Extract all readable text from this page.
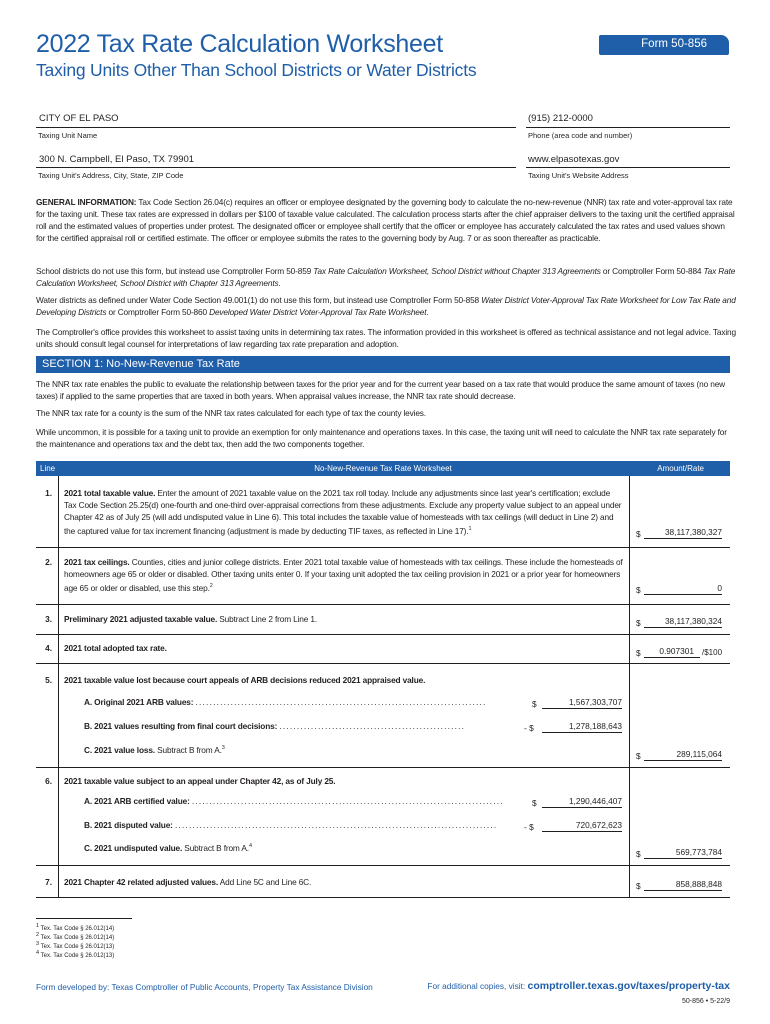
2022 Tax Rate Calculation Worksheet
Taxing Units Other Than School Districts or Water Districts
Form 50-856
CITY OF EL PASO
Taxing Unit Name
(915) 212-0000
Phone (area code and number)
300 N. Campbell, El Paso, TX 79901
Taxing Unit's Address, City, State, ZIP Code
www.elpasotexas.gov
Taxing Unit's Website Address

GENERAL INFORMATION: Tax Code Section 26.04(c) requires an officer or employee designated by the governing body to calculate the no-new-revenue (NNR) tax rate and voter-approval tax rate for the taxing unit. These tax rates are expressed in dollars per $100 of taxable value calculated. The calculation process starts after the chief appraiser delivers to the taxing unit the certified appraisal roll and the estimated values of properties under protest. The designated officer or employee shall certify that the officer or employee has accurately calculated the tax rates and used values shown for the certified appraisal roll or certified estimate. The officer or employee submits the rates to the governing body by Aug. 7 or as soon thereafter as practicable.

School districts do not use this form, but instead use Comptroller Form 50-859 Tax Rate Calculation Worksheet, School District without Chapter 313 Agreements or Comptroller Form 50-884 Tax Rate Calculation Worksheet, School District with Chapter 313 Agreements.

Water districts as defined under Water Code Section 49.001(1) do not use this form, but instead use Comptroller Form 50-858 Water District Voter-Approval Tax Rate Worksheet for Low Tax Rate and Developing Districts or Comptroller Form 50-860 Developed Water District Voter-Approval Tax Rate Worksheet.

The Comptroller's office provides this worksheet to assist taxing units in determining tax rates. The information provided in this worksheet is offered as technical assistance and not legal advice. Taxing units should consult legal counsel for interpretations of law regarding tax rate preparation and adoption.

SECTION 1: No-New-Revenue Tax Rate

The NNR tax rate enables the public to evaluate the relationship between taxes for the prior year and for the current year based on a tax rate that would produce the same amount of taxes (no new taxes) if applied to the same properties that are taxed in both years. When appraisal values increase, the NNR tax rate should decrease.

The NNR tax rate for a county is the sum of the NNR tax rates calculated for each type of tax the county levies.

While uncommon, it is possible for a taxing unit to provide an exemption for only maintenance and operations taxes. In this case, the taxing unit will need to calculate the NNR tax rate separately for the maintenance and operations tax and the debt tax, then add the two components together.

Line	No-New-Revenue Tax Rate Worksheet	Amount/Rate
1. 2021 total taxable value. Enter the amount of 2021 taxable value on the 2021 tax roll today. Include any adjustments since last year's certification; exclude Tax Code Section 25.25(d) one-fourth and one-third over-appraisal corrections from these adjustments. Exclude any property value subject to an appeal under Chapter 42 as of July 25 (will add undisputed value in Line 6). This total includes the taxable value of homesteads with tax ceilings (will deduct in Line 2) and the captured value for tax increment financing (adjustment is made by deducting TIF taxes, as reflected in Line 17).$^1$	$	38,117,380,327
2. 2021 tax ceilings. Counties, cities and junior college districts. Enter 2021 total taxable value of homesteads with tax ceilings. These include the homesteads of homeowners age 65 or older or disabled. Other taxing units enter 0. If your taxing unit adopted the tax ceiling provision in 2021 or a prior year for homeowners age 65 or older or disabled, use this step.$^2$	$	0
3. Preliminary 2021 adjusted taxable value. Subtract Line 2 from Line 1.	$	38,117,380,324
4. 2021 total adopted tax rate.	$ 0.907301 /$100
5. 2021 taxable value lost because court appeals of ARB decisions reduced 2021 appraised value.
A. Original 2021 ARB values: ...................................................................................	$	1,567,303,707
B. 2021 values resulting from final court decisions: .....................................................	- $	1,278,188,643
C. 2021 value loss. Subtract B from A.$^3$
$	289,115,064
6. 2021 taxable value subject to an appeal under Chapter 42, as of July 25.
A. 2021 ARB certified value: .........................................................................................	$	1,290,446,407
B. 2021 disputed value: ............................................................................................	- $	720,672,623
C. 2021 undisputed value. Subtract B from A.$^4$
$	569,773,784
7. 2021 Chapter 42 related adjusted values. Add Line 5C and Line 6C.	$	858,888,848
1 Tex. Tax Code § 26.012(14)
2 Tex. Tax Code § 26.012(14)
3 Tex. Tax Code § 26.012(13)
4 Tex. Tax Code § 26.012(13)
Form developed by: Texas Comptroller of Public Accounts, Property Tax Assistance Division	For additional copies, visit: comptroller.texas.gov/taxes/property-tax
50-856 • 5-22/9
